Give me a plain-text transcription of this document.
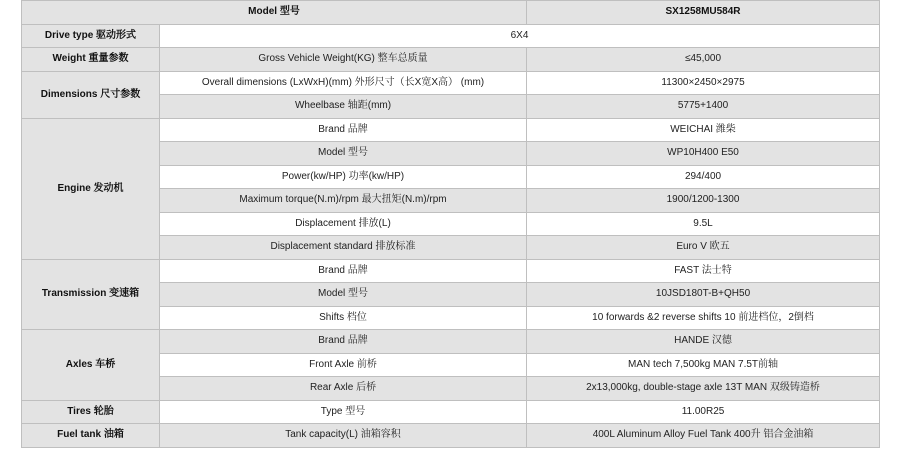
Model 型号		SX1258MU584R
Drive type 驱动形式	6X4	
Weight 重量参数	Gross Vehicle Weight(KG) 整车总质量	≤45,000
Dimensions 尺寸参数	Overall dimensions (LxWxH)(mm) 外形尺寸（长X宽X高） (mm)	11300×2450×2975
	Wheelbase 轴距(mm)	5775+1400
Engine 发动机	Brand 品牌	WEICHAI 潍柴
	Model 型号	WP10H400 E50
	Power(kw/HP) 功率(kw/HP)	294/400
	Maximum torque(N.m)/rpm 最大扭矩(N.m)/rpm	1900/1200-1300
	Displacement 排放(L)	9.5L
	Displacement standard 排放标准	Euro V 欧五
Transmission 变速箱	Brand 品牌	FAST 法士特
	Model 型号	10JSD180T-B+QH50
	Shifts 档位	10 forwards &2 reverse shifts 10 前进档位，2倒档
Axles 车桥	Brand 品牌	HANDE 汉德
	Front Axle 前桥	MAN tech 7,500kg MAN 7.5T前轴
	Rear Axle 后桥	2x13,000kg, double-stage axle 13T MAN 双级铸造桥
Tires 轮胎	Type 型号	11.00R25
Fuel tank 油箱	Tank capacity(L) 油箱容积	400L Aluminum Alloy Fuel Tank 400升 铝合金油箱
